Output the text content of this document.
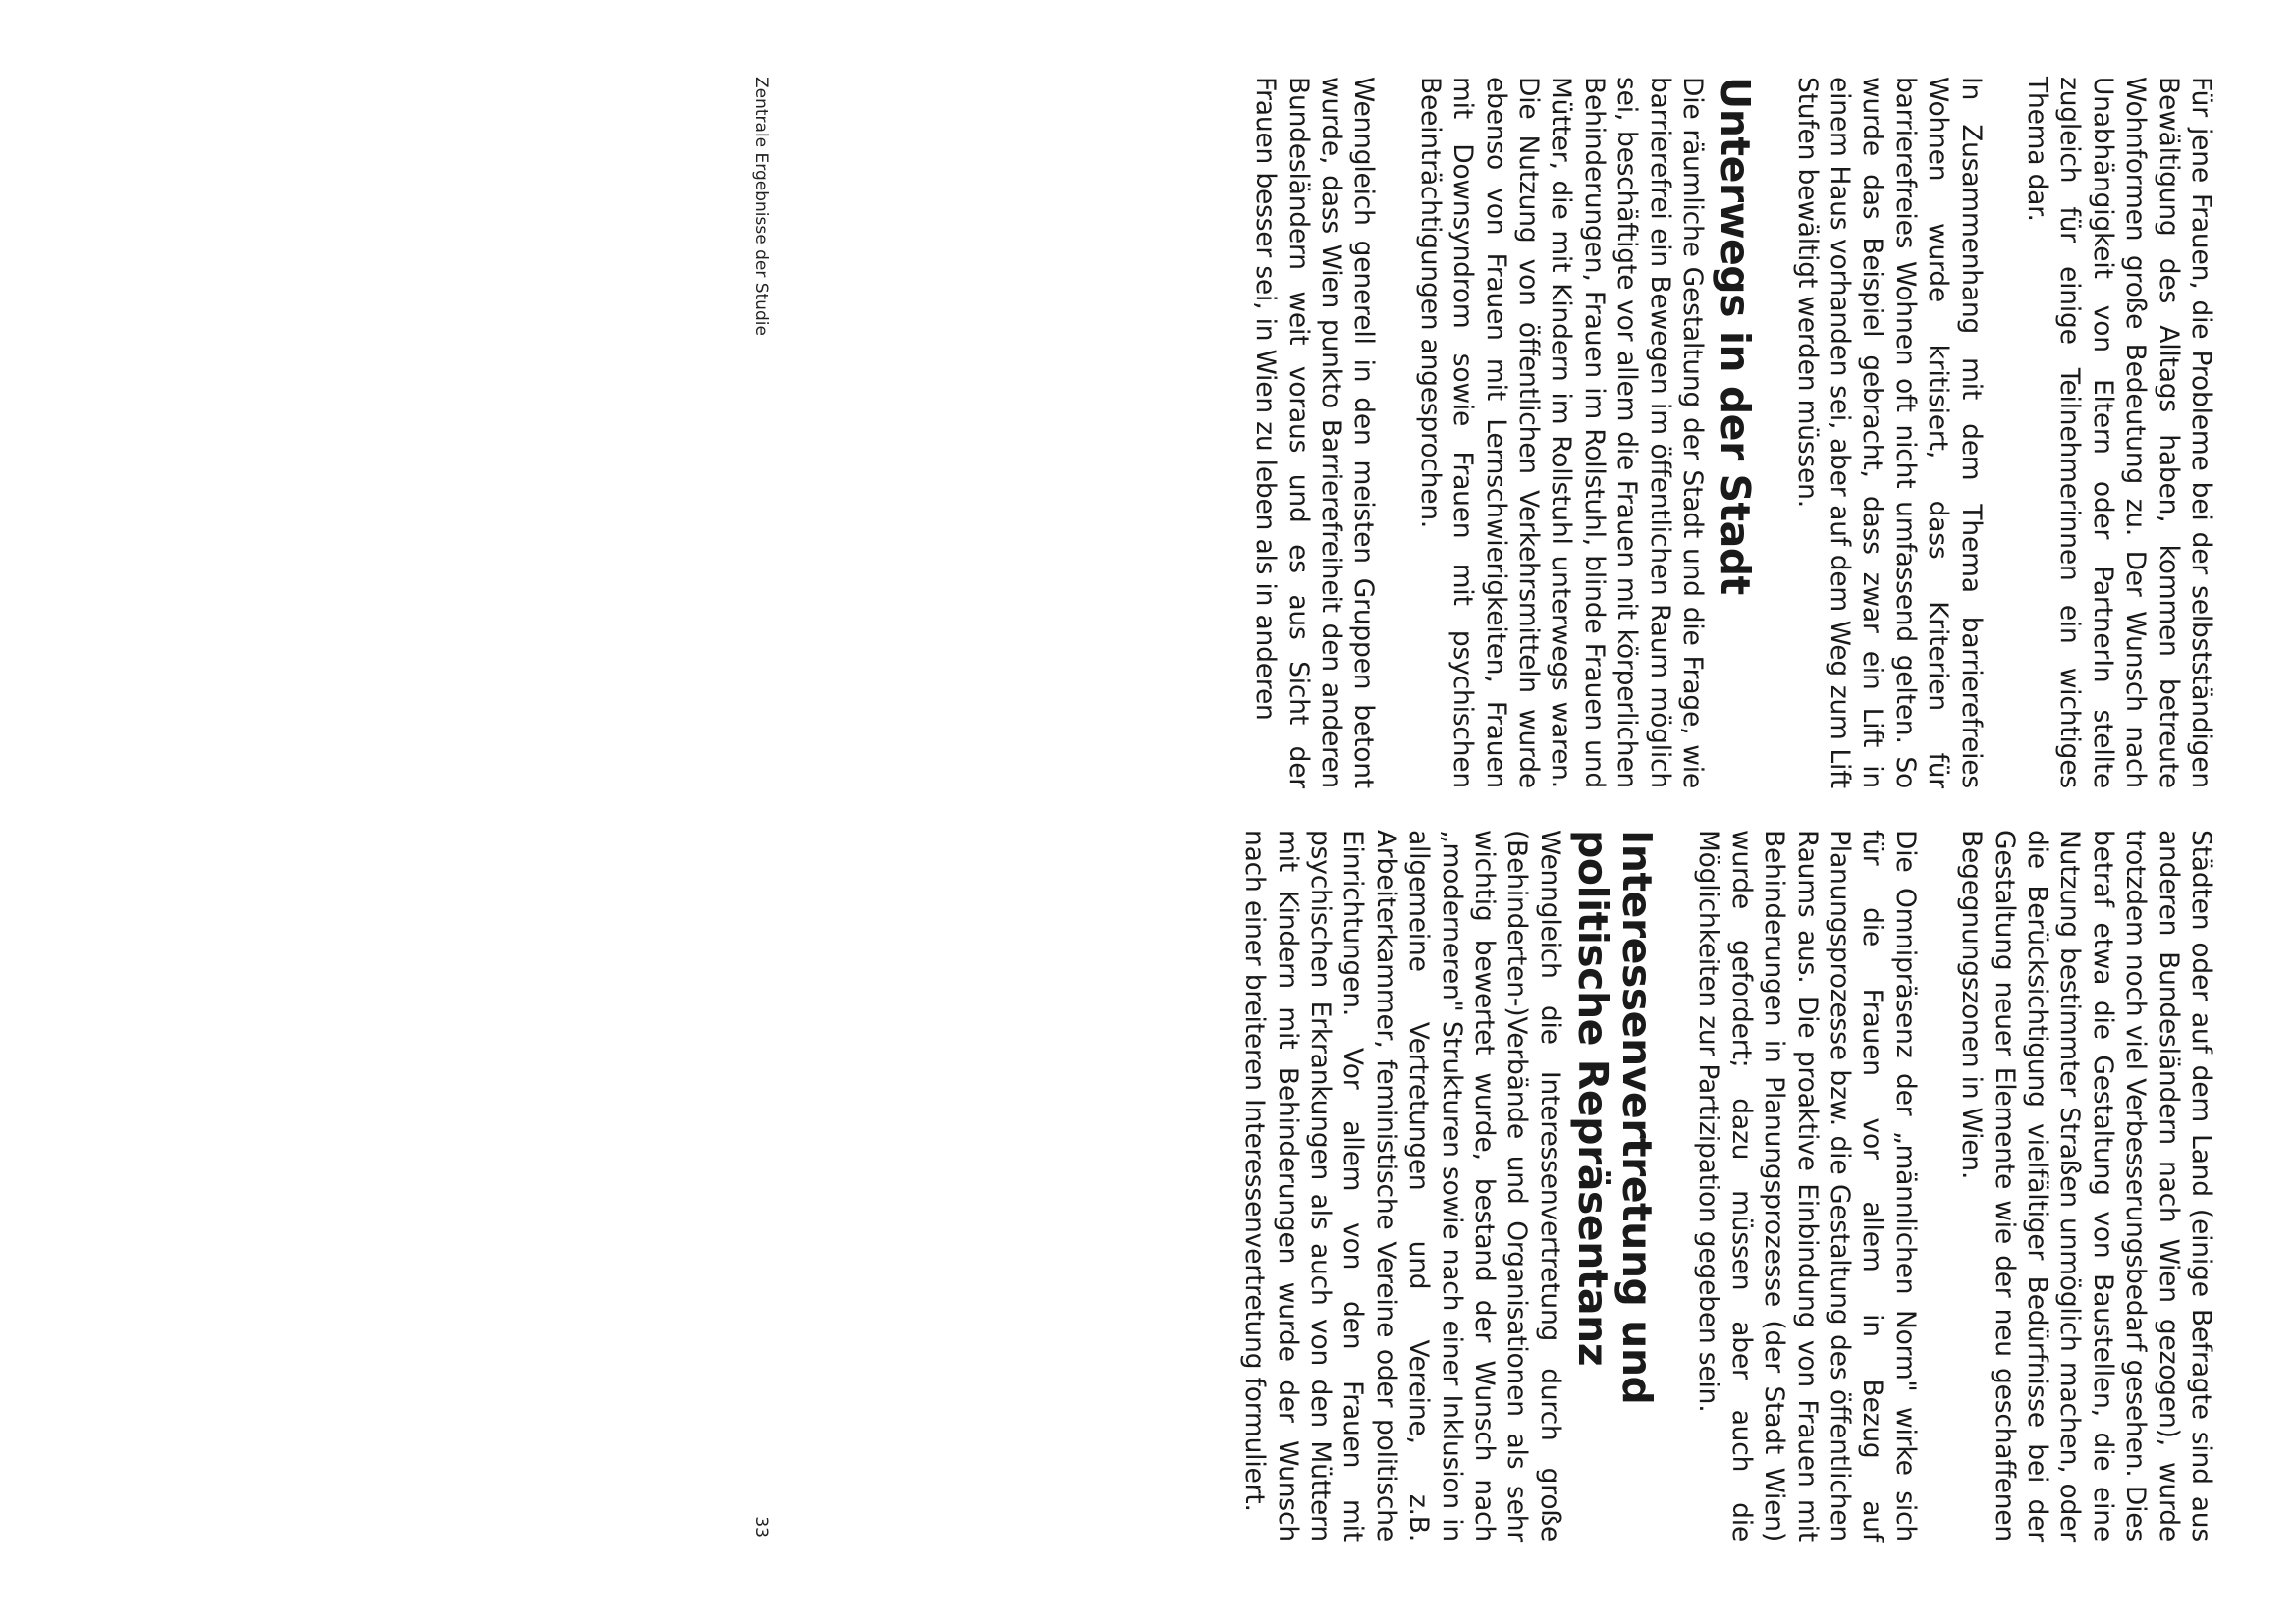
Für jene Frauen, die Probleme bei der selbstständigen Bewältigung des Alltags haben, kommen betreute Wohnformen große Bedeutung zu. Der Wunsch nach Unabhängigkeit von Eltern oder PartnerIn stellte zugleich für einige Teilnehmerinnen ein wichtiges Thema dar.

In Zusammenhang mit dem Thema barrierefreies Wohnen wurde kritisiert, dass Kriterien für barrierefreies Wohnen oft nicht umfassend gelten. So wurde das Beispiel gebracht, dass zwar ein Lift in einem Haus vorhanden sei, aber auf dem Weg zum Lift Stufen bewältigt werden müssen.

Unterwegs in der Stadt

Die räumliche Gestaltung der Stadt und die Frage, wie barrierefrei ein Bewegen im öffentlichen Raum möglich sei, beschäftigte vor allem die Frauen mit körperlichen Behinderungen, Frauen im Rollstuhl, blinde Frauen und Mütter, die mit Kindern im Rollstuhl unterwegs waren. Die Nutzung von öffentlichen Verkehrsmitteln wurde ebenso von Frauen mit Lernschwierigkeiten, Frauen mit Downsyndrom sowie Frauen mit psychischen Beeinträchtigungen angesprochen.

Wenngleich generell in den meisten Gruppen betont wurde, dass Wien punkto Barrierefreiheit den anderen Bundesländern weit voraus und es aus Sicht der Frauen besser sei, in Wien zu leben als in anderen

Städten oder auf dem Land (einige Befragte sind aus anderen Bundesländern nach Wien gezogen), wurde trotzdem noch viel Verbesserungsbedarf gesehen. Dies betraf etwa die Gestaltung von Baustellen, die eine Nutzung bestimmter Straßen unmöglich machen, oder die Berücksichtigung vielfältiger Bedürfnisse bei der Gestaltung neuer Elemente wie der neu geschaffenen Begegnungszonen in Wien.

Die Omnipräsenz der „männlichen Norm" wirke sich für die Frauen vor allem in Bezug auf Planungsprozesse bzw. die Gestaltung des öffentlichen Raums aus. Die proaktive Einbindung von Frauen mit Behinderungen in Planungsprozesse (der Stadt Wien) wurde gefordert; dazu müssen aber auch die Möglichkeiten zur Partizipation gegeben sein.

Interessenvertretung und politische Repräsentanz

Wenngleich die Interessenvertretung durch große (Behinderten-)Verbände und Organisationen als sehr wichtig bewertet wurde, bestand der Wunsch nach „moderneren" Strukturen sowie nach einer Inklusion in allgemeine Vertretungen und Vereine, z.B. Arbeiterkammer, feministische Vereine oder politische Einrichtungen. Vor allem von den Frauen mit psychischen Erkrankungen als auch von den Müttern mit Kindern mit Behinderungen wurde der Wunsch nach einer breiteren Interessenvertretung formuliert.

Zentrale Ergebnisse der Studie
33
